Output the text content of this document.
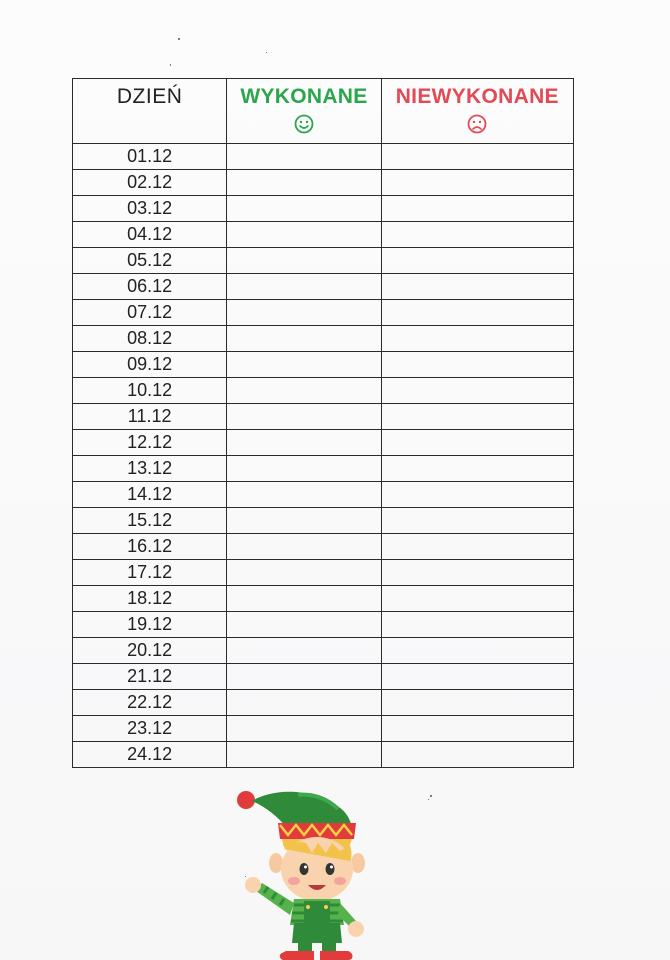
DZIEŃ	WYKONANE	NIEWYKONANE

01.12		
02.12		
03.12		
04.12		
05.12		
06.12		
07.12		
08.12		
09.12		
10.12		
11.12		
12.12		
13.12		
14.12		
15.12		
16.12		
17.12		
18.12		
19.12		
20.12		
21.12		
22.12		
23.12		
24.12		
